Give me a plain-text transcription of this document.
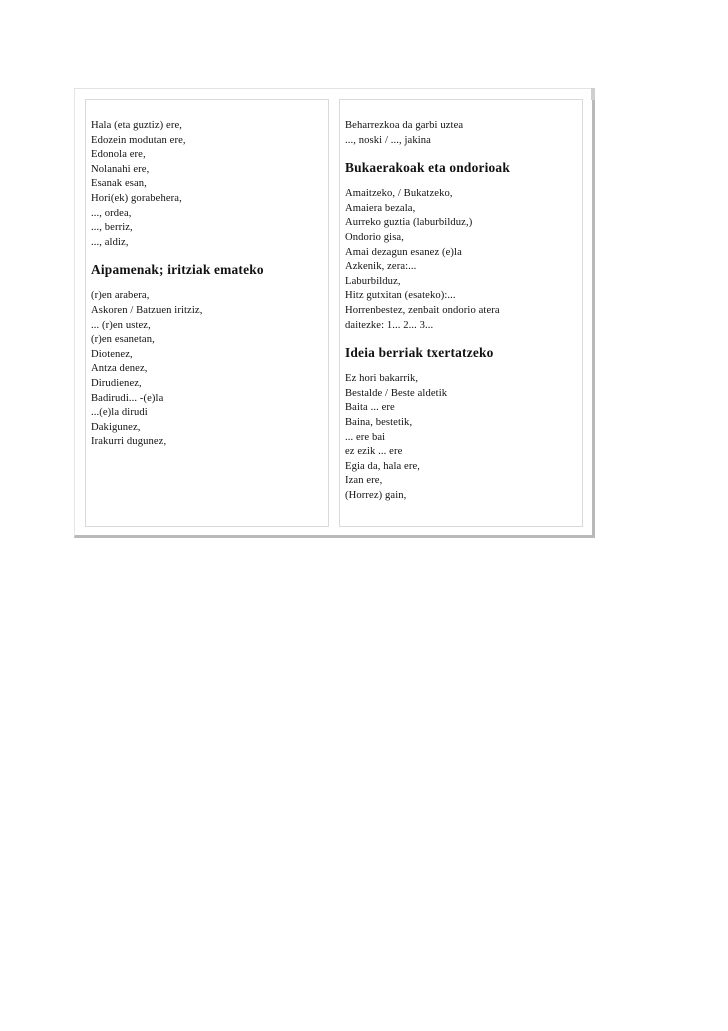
Hala (eta guztiz) ere,
Edozein modutan ere,
Edonola ere,
Nolanahi ere,
Esanak esan,
Hori(ek) gorabehera,
..., ordea,
..., berriz,
..., aldiz,
Aipamenak; iritziak emateko
(r)en arabera,
Askoren / Batzuen iritziz,
... (r)en ustez,
(r)en esanetan,
Diotenez,
Antza denez,
Dirudienez,
Badirudi... -(e)la
...(e)la dirudi
Dakigunez,
Irakurri dugunez,
Beharrezkoa da garbi uztea
..., noski / ..., jakina
Bukaerakoak eta ondorioak
Amaitzeko, / Bukatzeko,
Amaiera bezala,
Aurreko guztia (laburbilduz,)
Ondorio gisa,
Amai dezagun esanez (e)la
Azkenik, zera:...
Laburbilduz,
Hitz gutxitan (esateko):...
Horrenbestez, zenbait ondorio atera
daitezke: 1... 2... 3...
Ideia berriak txertatzeko
Ez hori bakarrik,
Bestalde / Beste aldetik
Baita ... ere
Baina, bestetik,
... ere bai
ez ezik ... ere
Egia da, hala ere,
Izan ere,
(Horrez) gain,
